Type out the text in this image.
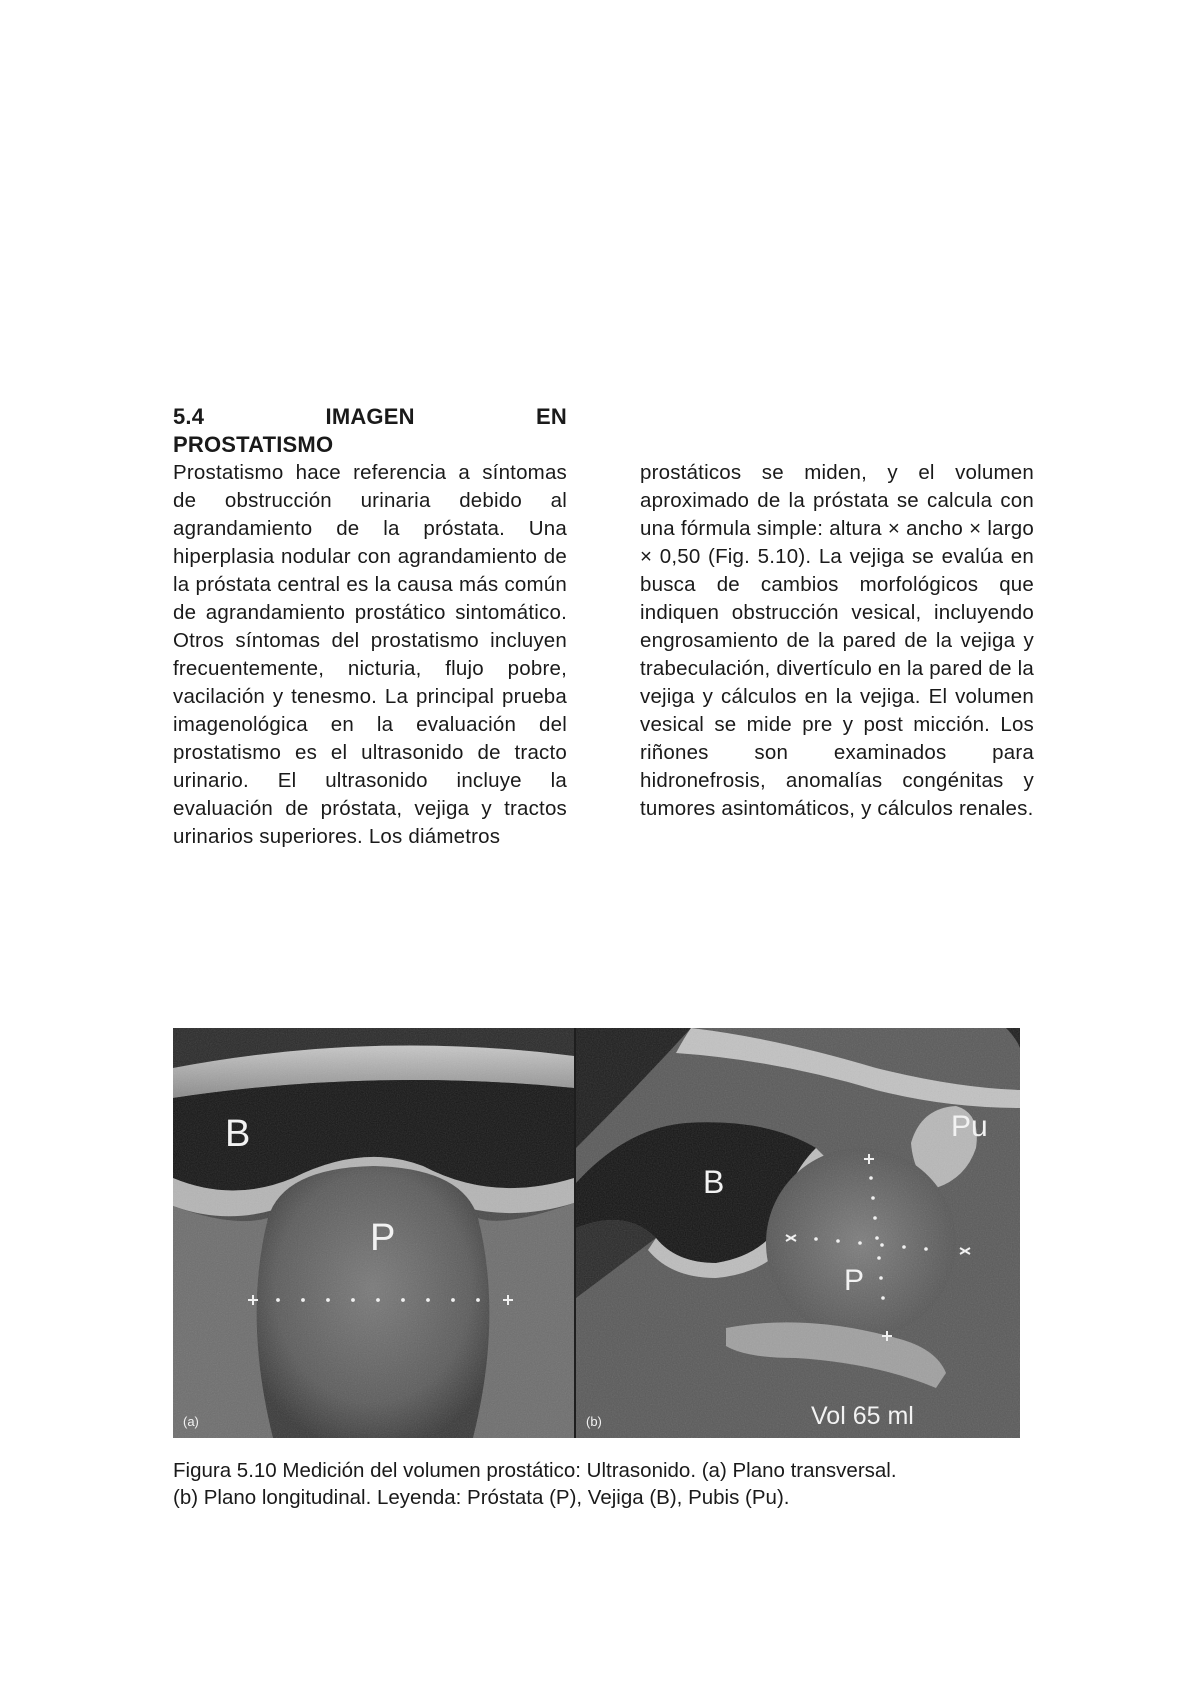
5.4 IMAGEN EN

PROSTATISMO

Prostatismo hace referencia a síntomas de obstrucción urinaria debido al agrandamiento de la próstata. Una hiperplasia nodular con agrandamiento de la próstata central es la causa más común de agrandamiento prostático sintomático. Otros síntomas del prostatismo incluyen frecuentemente, nicturia, flujo pobre, vacilación y tenesmo. La principal prueba imagenológica en la evaluación del prostatismo es el ultrasonido de tracto urinario. El ultrasonido incluye la evaluación de próstata, vejiga y tractos urinarios superiores. Los diámetros

prostáticos se miden, y el volumen aproximado de la próstata se calcula con una fórmula simple: altura × ancho × largo × 0,50 (Fig. 5.10). La vejiga se evalúa en busca de cambios morfológicos que indiquen obstrucción vesical, incluyendo engrosamiento de la pared de la vejiga y trabeculación, divertículo en la pared de la vejiga y cálculos en la vejiga. El volumen vesical se mide pre y post micción. Los riñones son examinados para hidronefrosis, anomalías congénitas y tumores asintomáticos, y cálculos renales.

B
P
(a)
B
P
Pu
(b)	Vol 65 ml
Figura 5.10 Medición del volumen prostático: Ultrasonido. (a) Plano transversal.
(b) Plano longitudinal. Leyenda: Próstata (P), Vejiga (B), Pubis (Pu).
